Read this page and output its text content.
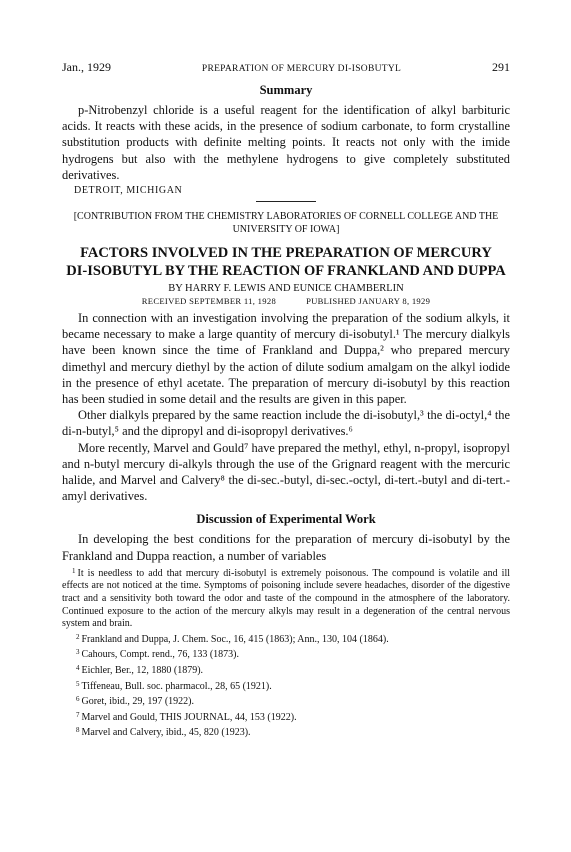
Jan., 1929	PREPARATION OF MERCURY DI-ISOBUTYL	291
Summary

p-Nitrobenzyl chloride is a useful reagent for the identification of alkyl barbituric acids. It reacts with these acids, in the presence of sodium carbonate, to form crystalline substitution products with definite melting points. It reacts not only with the imide hydrogens but also with the methylene hydrogens to give completely substituted derivatives.

DETROIT, MICHIGAN
[CONTRIBUTION FROM THE CHEMISTRY LABORATORIES OF CORNELL COLLEGE AND THE
UNIVERSITY OF IOWA]
FACTORS INVOLVED IN THE PREPARATION OF MERCURY
DI-ISOBUTYL BY THE REACTION OF FRANKLAND AND DUPPA
BY HARRY F. LEWIS AND EUNICE CHAMBERLIN
RECEIVED SEPTEMBER 11, 1928	PUBLISHED JANUARY 8, 1929

In connection with an investigation involving the preparation of the sodium alkyls, it became necessary to make a large quantity of mercury di-isobutyl.¹ The mercury dialkyls have been known since the time of Frankland and Duppa,² who prepared mercury dimethyl and mercury diethyl by the action of dilute sodium amalgam on the alkyl iodide in the presence of ethyl acetate. The preparation of mercury di-isobutyl by this reaction has been studied in some detail and the results are given in this paper.

Other dialkyls prepared by the same reaction include the di-isobutyl,³ the di-octyl,⁴ the di-n-butyl,⁵ and the dipropyl and di-isopropyl derivatives.⁶

More recently, Marvel and Gould⁷ have prepared the methyl, ethyl, n-propyl, isopropyl and n-butyl mercury di-alkyls through the use of the Grignard reagent with the mercuric halide, and Marvel and Calvery⁸ the di-sec.-butyl, di-sec.-octyl, di-tert.-butyl and di-tert.-amyl derivatives.

Discussion of Experimental Work

In developing the best conditions for the preparation of mercury di-isobutyl by the Frankland and Duppa reaction, a number of variables

$^1$ It is needless to add that mercury di-isobutyl is extremely poisonous. The compound is volatile and ill effects are not noticed at the time. Symptoms of poisoning include severe headaches, disorder of the digestive tract and a sensitivity both toward the odor and taste of the compound in the atmosphere of the laboratory. Continued exposure to the action of the mercury alkyls may result in a degeneration of the central nervous system and brain.
$^2$ Frankland and Duppa, J. Chem. Soc., 16, 415 (1863); Ann., 130, 104 (1864).
$^3$ Cahours, Compt. rend., 76, 133 (1873).
$^4$ Eichler, Ber., 12, 1880 (1879).
$^5$ Tiffeneau, Bull. soc. pharmacol., 28, 65 (1921).
$^6$ Goret, ibid., 29, 197 (1922).
$^7$ Marvel and Gould, THIS JOURNAL, 44, 153 (1922).
$^8$ Marvel and Calvery, ibid., 45, 820 (1923).
